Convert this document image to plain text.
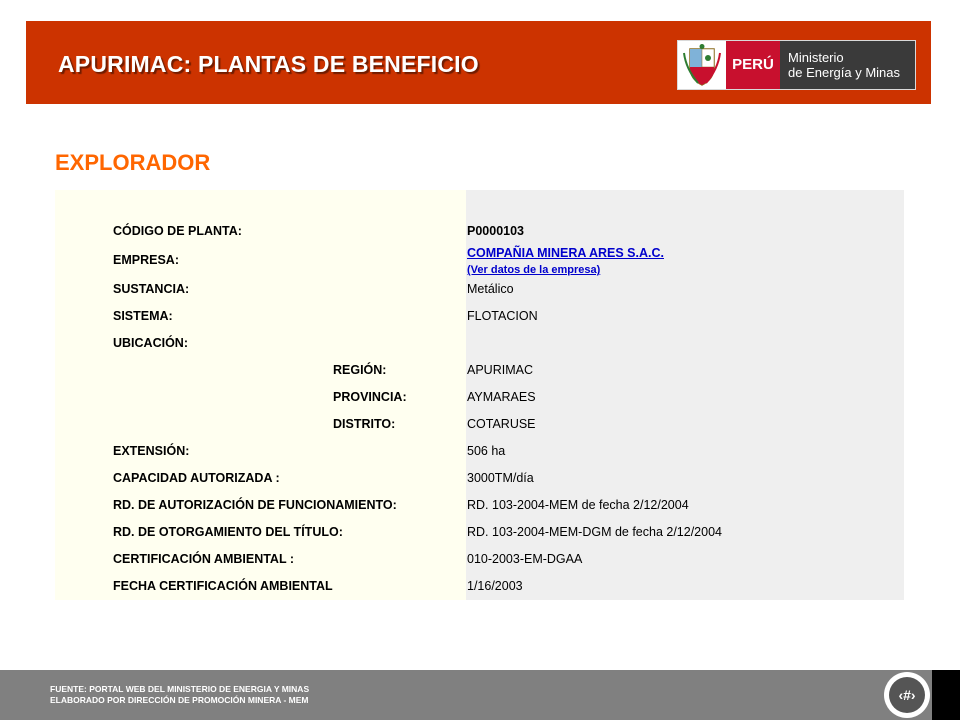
APURIMAC: PLANTAS DE BENEFICIO	PERÚ	Ministerio
de Energía y Minas
EXPLORADOR
CÓDIGO DE PLANTA:	P0000103
EMPRESA:	COMPAÑIA MINERA ARES S.A.C.
(Ver datos de la empresa)
SUSTANCIA:	Metálico
SISTEMA:	FLOTACION
UBICACIÓN:
REGIÓN:	APURIMAC
PROVINCIA:	AYMARAES
DISTRITO:	COTARUSE
EXTENSIÓN:	506 ha
CAPACIDAD AUTORIZADA :	3000TM/día
RD. DE AUTORIZACIÓN DE FUNCIONAMIENTO:	RD. 103-2004-MEM de fecha 2/12/2004
RD. DE OTORGAMIENTO DEL TÍTULO:	RD. 103-2004-MEM-DGM de fecha 2/12/2004
CERTIFICACIÓN AMBIENTAL :	010-2003-EM-DGAA
FECHA CERTIFICACIÓN AMBIENTAL	1/16/2003
FUENTE: PORTAL WEB DEL MINISTERIO DE ENERGIA Y MINAS
ELABORADO POR DIRECCIÓN DE PROMOCIÓN MINERA - MEM	‹#›
